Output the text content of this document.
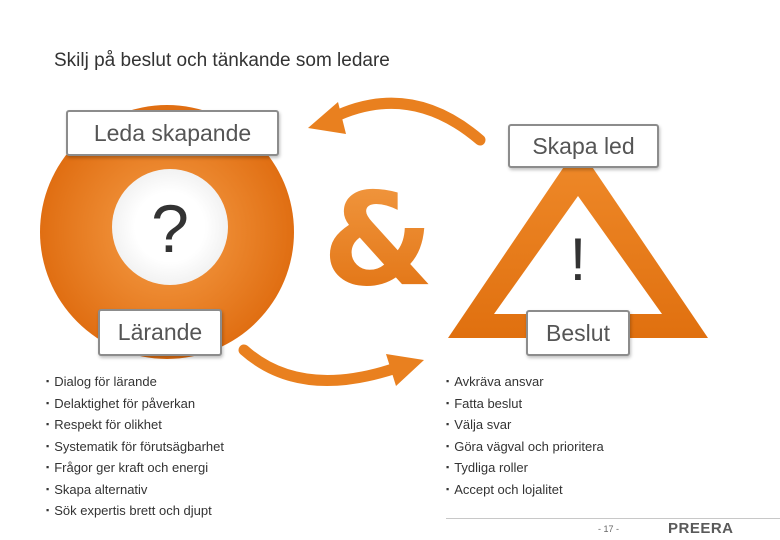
Skilj på beslut och tänkande som ledare
? & !
Leda skapande	Skapa led
Lärande	Beslut
▪ Dialog för lärande
▪ Delaktighet för påverkan
▪ Respekt för olikhet
▪ Systematik för förutsägbarhet
▪ Frågor ger kraft och energi
▪ Skapa alternativ
▪ Sök expertis brett och djupt
▪ Avkräva ansvar
▪ Fatta beslut
▪ Välja svar
▪ Göra vägval och prioritera
▪ Tydliga roller
▪ Accept och lojalitet
- 17 -	PREERA
